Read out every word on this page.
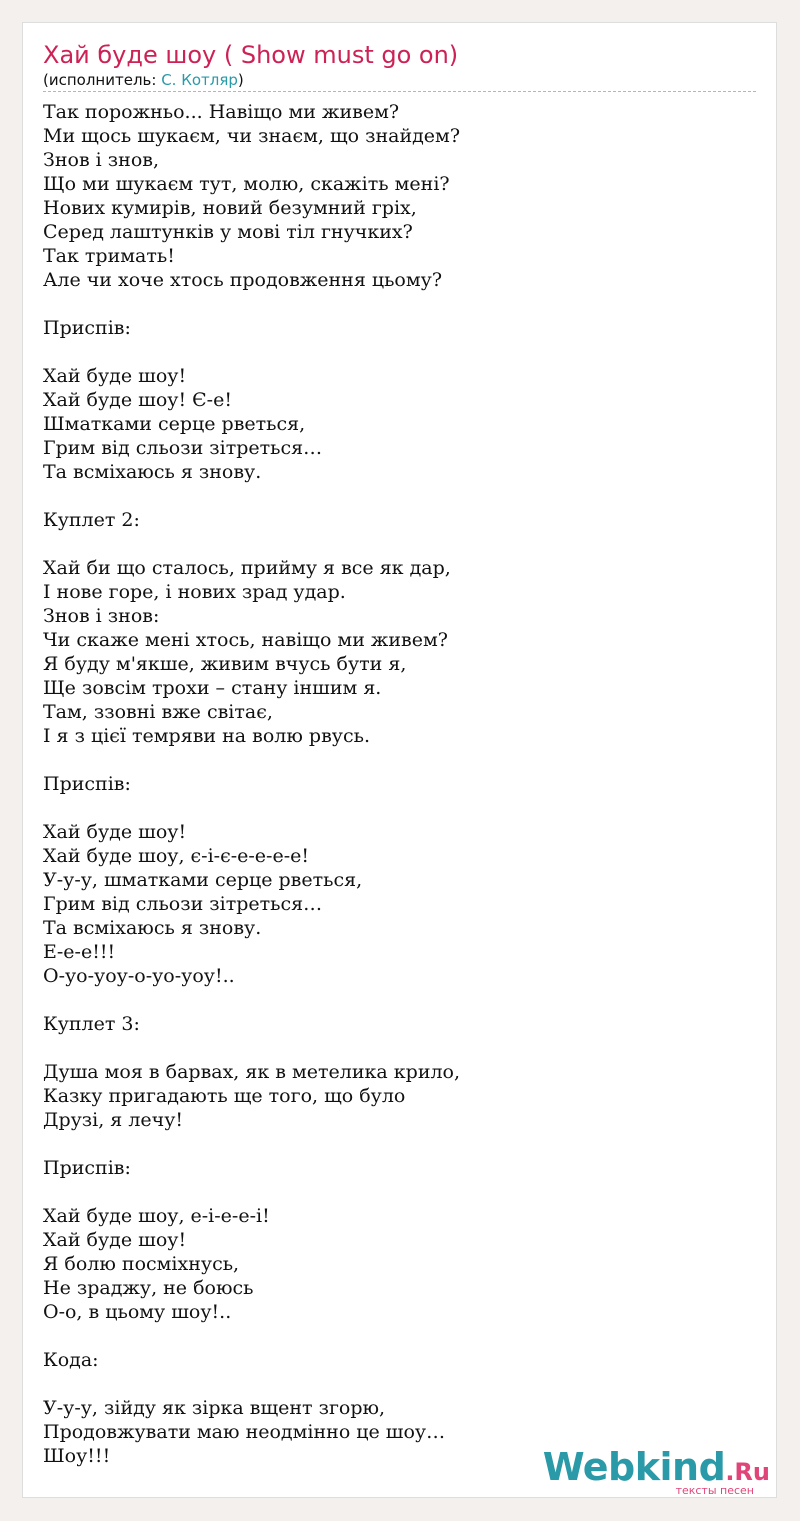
Хай буде шоу ( Show must go on)
(исполнитель: С. Котляр)
Так порожньо... Навіщо ми живем?
Ми щось шукаєм, чи знаєм, що знайдем?
Знов і знов,
Що ми шукаєм тут, молю, скажіть мені?
Нових кумирів, новий безумний гріх,
Серед лаштунків у мові тіл гнучких?
Так тримать!
Але чи хоче хтось продовження цьому?

Приспів:

Хай буде шоу!
Хай буде шоу! Є-е!
Шматками серце рветься,
Грим від сльози зітреться…
Та всміхаюсь я знову.

Куплет 2:

Хай би що сталось, прийму я все як дар,
І нове горе, і нових зрад удар.
Знов і знов:
Чи скаже мені хтось, навіщо ми живем?
Я буду м'якше, живим вчусь бути я,
Ще зовсім трохи – стану іншим я.
Там, ззовні вже світає,
І я з цієї темряви на волю рвусь.

Приспів:

Хай буде шоу!
Хай буде шоу, є-і-є-е-е-е-е!
У-у-у, шматками серце рветься,
Грим від сльози зітреться…
Та всміхаюсь я знову.
Е-е-е!!!
О-уо-уоу-о-уо-уоу!..

Куплет 3:

Душа моя в барвах, як в метелика крило,
Казку пригадають ще того, що було
Друзі, я лечу!

Приспів:

Хай буде шоу, е-і-е-е-і!
Хай буде шоу!
Я болю посміхнусь,
Не зраджу, не боюсь
О-о, в цьому шоу!..

Кода:

У-у-у, зійду як зірка вщент згорю,
Продовжувати маю неодмінно це шоу…
Шоу!!!	Webkind.Ru
тексты песен
